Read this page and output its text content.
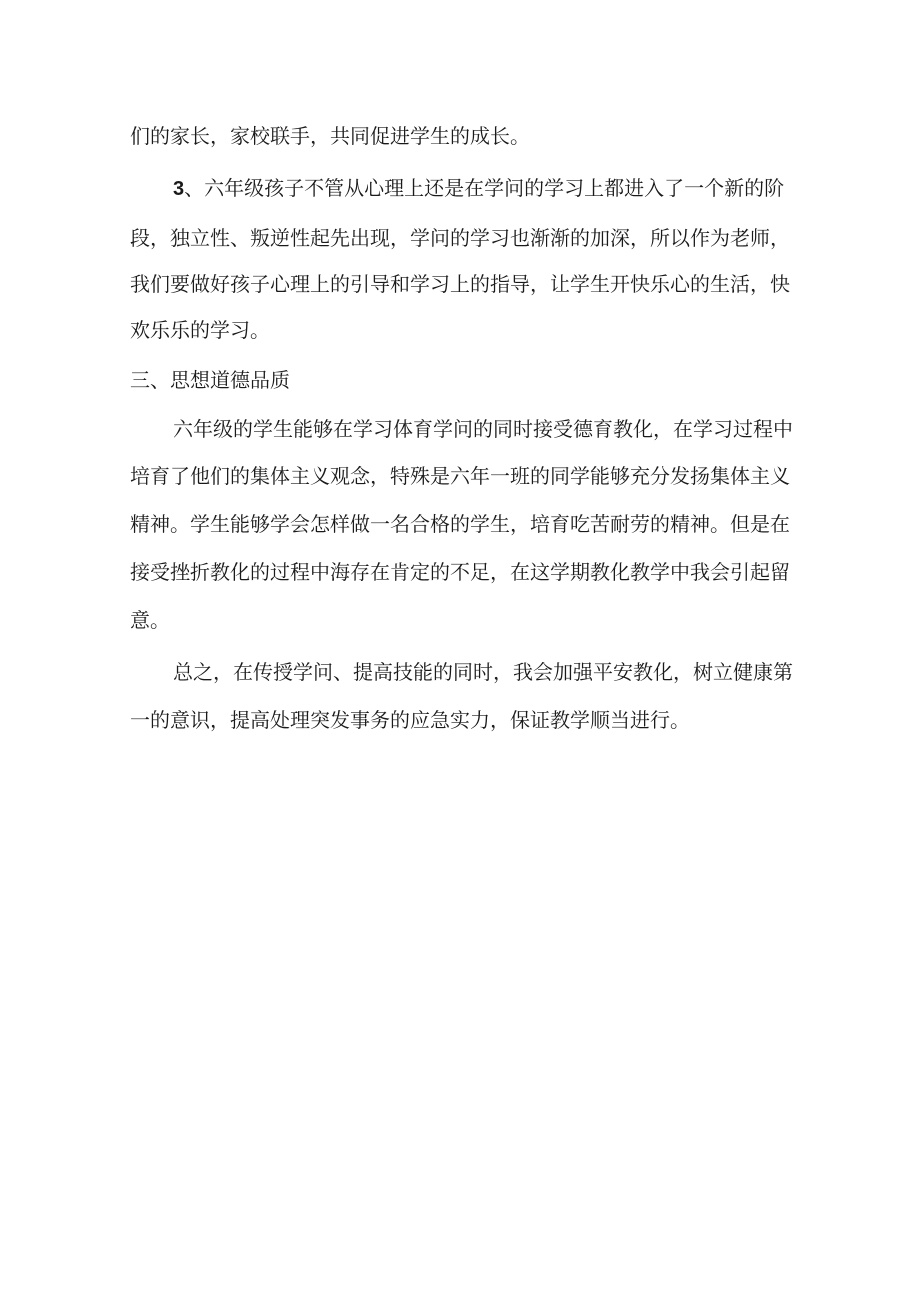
们的家长，家校联手，共同促进学生的成长。
3、六年级孩子不管从心理上还是在学问的学习上都进入了一个新的阶
段，独立性、叛逆性起先出现，学问的学习也渐渐的加深，所以作为老师，
我们要做好孩子心理上的引导和学习上的指导，让学生开快乐心的生活，快
欢乐乐的学习。
三、思想道德品质
六年级的学生能够在学习体育学问的同时接受德育教化，在学习过程中
培育了他们的集体主义观念，特殊是六年一班的同学能够充分发扬集体主义
精神。学生能够学会怎样做一名合格的学生，培育吃苦耐劳的精神。但是在
接受挫折教化的过程中海存在肯定的不足，在这学期教化教学中我会引起留
意。
总之，在传授学问、提高技能的同时，我会加强平安教化，树立健康第
一的意识，提高处理突发事务的应急实力，保证教学顺当进行。
